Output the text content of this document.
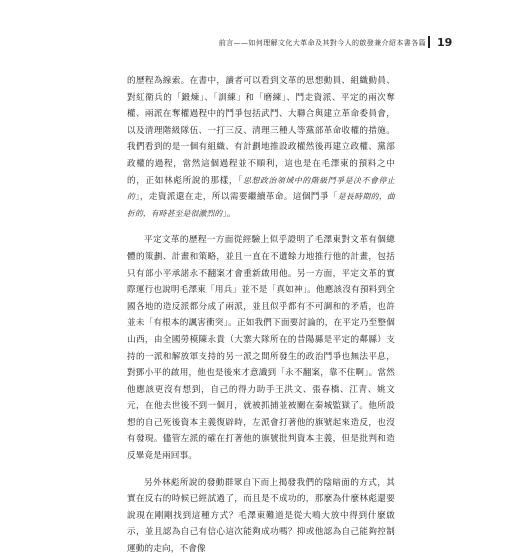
前言——如何理解文化大革命及其對今人的啟發兼介紹本書各篇 19

的歷程為線索。在書中，讀者可以看到文革的思想動員、組織動員、對紅衛兵的「鍛煉」、「訓練」和「磨練」、鬥走資派、平定的兩次奪權、兩派在奪權過程中的鬥爭包括武鬥、大聯合與建立革命委員會，以及清理階級隊伍、一打三反、清理三種人等黨部革命收權的措施。我們看到的是一個有組織、有計劃地推設政權然後再建立政權、黨部政權的過程，當然這個過程並不順利，這也是在毛澤東的預料之中的，正如林彪所說的那樣，「思想政治領域中的階級鬥爭是決不會停止的」，走資派還在走，所以需要繼續革命。這個鬥爭「是長時期的，曲折的，有時甚至是很激烈的」。

平定文革的歷程一方面從經驗上似乎證明了毛澤東對文革有個總體的策劃、計畫和策略，並且一直在不遺餘力地推行他的計畫，包括只有部小平承諾永不翻案才會重新啟用他。另一方面，平定文革的實際運行也說明毛澤東「用兵」並不是「真如神」。他應該沒有預料到全國各地的造反派都分成了兩派，並且似乎都有不可調和的矛盾，也許並未「有根本的諷害衝突」。正如我們下面要討論的，在平定乃至整個山西，由全國勞模陳永貴（大寨大隊所在的昔陽縣是平定的鄰縣）支持的一派和解放軍支持的另一派之間所發生的政治鬥爭也無法平息，對鄧小平的啟用，他也是後來才意識到「永不翻案，靠不住啊」。當然他應該更沒有想到，自己的得力助手王洪文、張春橋、江青、姚文元，在他去世後不到一個月，就被抓捕並被關在秦城監獄了。他所設想的自己死後資本主義復辟時，左派會打著他的旗號起來造反，也沒有發現。儘管左派的確在打著他的旗號批判資本主義，但是批判和造反畢竟是兩回事。

另外林彪所說的發動群眾自下而上揭發我們的陰暗面的方式，其實在反右的時候已經試過了，而且是不成功的，那麼為什麼林彪還要說現在剛剛找到這種方式？毛澤東難道是從大鳴大放中得到什麼啟示，並且認為自己有信心這次能夠成功嗎？抑或他認為自己能夠控制運動的走向，不會像
